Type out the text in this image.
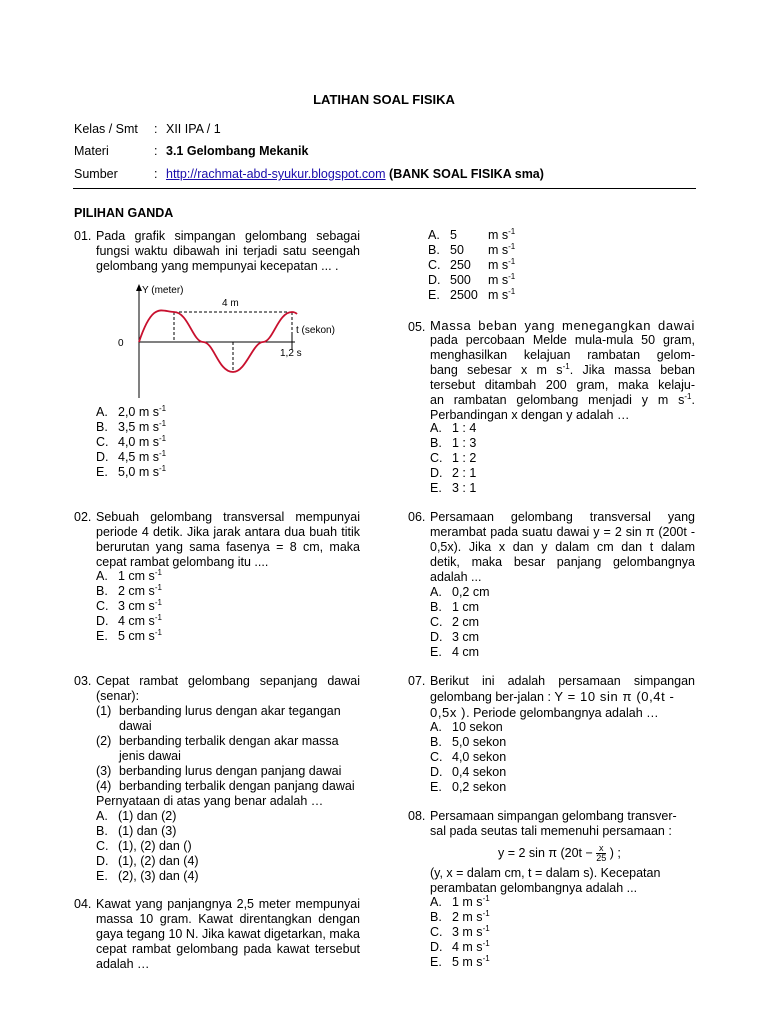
LATIHAN SOAL FISIKA
Kelas / Smt	: XII IPA / 1
Materi	: 3.1 Gelombang Mekanik
Sumber	: http://rachmat-abd-syukur.blogspot.com (BANK SOAL FISIKA sma)
PILIHAN GANDA
01. Pada grafik simpangan gelombang sebagai fungsi waktu dibawah ini terjadi satu seengah gelombang yang mempunyai kecepatan ... .
Y (meter)
0
t (sekon)
4 m
1,2 s
A. 2,0 m $s^{-1}$
B. 3,5 m $s^{-1}$
C. 4,0 m $s^{-1}$
D. 4,5 m $s^{-1}$
E. 5,0 m $s^{-1}$
02. Sebuah gelombang transversal mempunyai periode 4 detik. Jika jarak antara dua buah titik berurutan yang sama fasenya = 8 cm, maka cepat rambat gelombang itu ....
A. 1 cm $s^{-1}$
B. 2 cm $s^{-1}$
C. 3 cm $s^{-1}$
D. 4 cm $s^{-1}$
E. 5 cm $s^{-1}$
03. Cepat rambat gelombang sepanjang dawai (senar):
(1) berbanding lurus dengan akar tegangan dawai
(2) berbanding terbalik dengan akar massa jenis dawai
(3) berbanding lurus dengan panjang dawai
(4) berbanding terbalik dengan panjang dawai
Pernyataan di atas yang benar adalah …
A. (1) dan (2)
B. (1) dan (3)
C. (1), (2) dan ()
D. (1), (2) dan (4)
E. (2), (3) dan (4)
04. Kawat yang panjangnya 2,5 meter mempunyai massa 10 gram. Kawat direntangkan dengan gaya tegang 10 N. Jika kawat digetarkan, maka cepat rambat gelombang pada kawat tersebut adalah …
A. 5 m $s^{-1}$
B. 50 m $s^{-1}$
C. 250 m $s^{-1}$
D. 500 m $s^{-1}$
E. 2500 m $s^{-1}$
05. Massa beban yang menegangkan dawai
pada percobaan Melde mula-mula 50 gram,
menghasilkan kelajuan rambatan gelom-
bang sebesar x m $s^{-1}$. Jika massa beban
tersebut ditambah 200 gram, maka kelaju-
an rambatan gelombang menjadi y m $s^{-1}$.
Perbandingan x dengan y adalah …
A. 1 : 4
B. 1 : 3
C. 1 : 2
D. 2 : 1
E. 3 : 1
06. Persamaan gelombang transversal yang
merambat pada suatu dawai y = 2 sin π (200t -
0,5x). Jika x dan y dalam cm dan t dalam
detik, maka besar panjang gelombangnya
adalah ...
A. 0,2 cm
B. 1 cm
C. 2 cm
D. 3 cm
E. 4 cm
07. Berikut ini adalah persamaan simpangan
gelombang ber-jalan : Y = 10 sin π (0,4t -
0,5x ). Periode gelombangnya adalah …
A. 10 sekon
B. 5,0 sekon
C. 4,0 sekon
D. 0,4 sekon
E. 0,2 sekon
08. Persamaan simpangan gelombang transver-
sal pada seutas tali memenuhi persamaan :
y = 2 sin π ($20t - \frac{x}{25}$ ) ;
(y, x = dalam cm, t = dalam s). Kecepatan
perambatan gelombangnya adalah ...
A. 1 m $s^{-1}$
B. 2 m $s^{-1}$
C. 3 m $s^{-1}$
D. 4 m $s^{-1}$
E. 5 m $s^{-1}$
